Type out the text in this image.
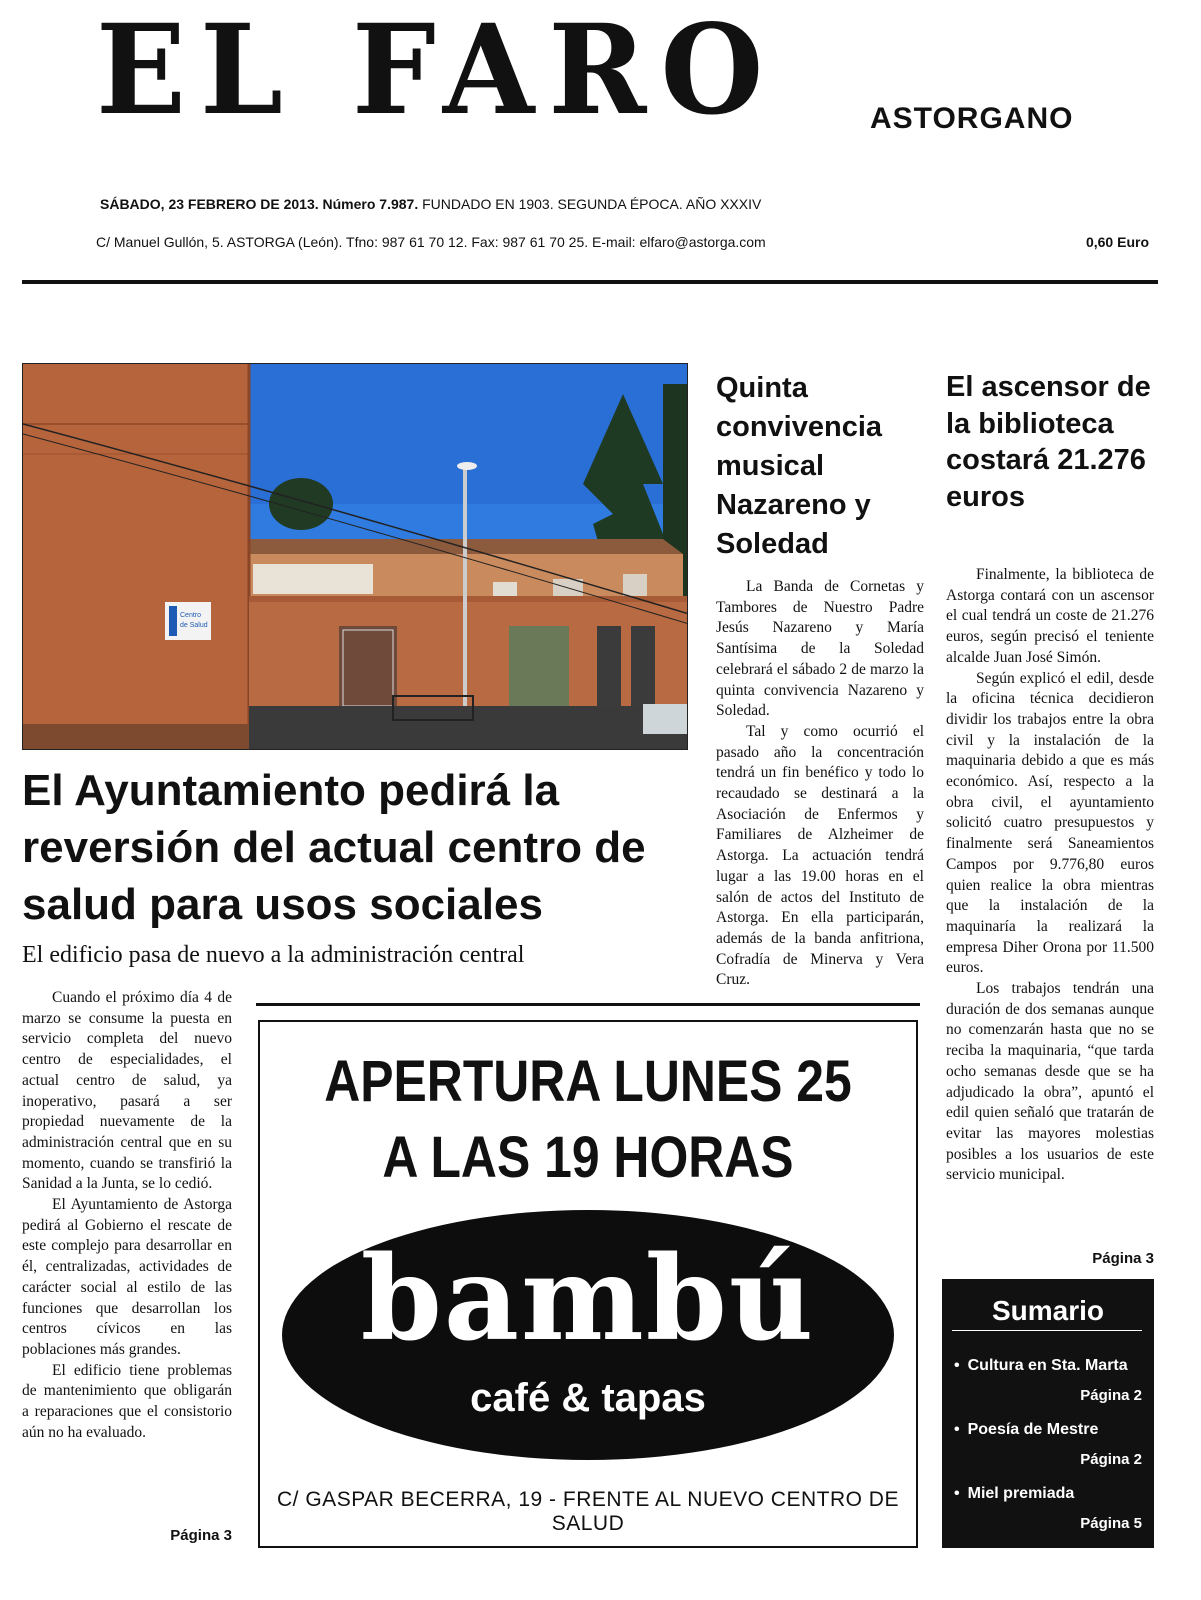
EL FARO	ASTORGANO
SÁBADO, 23 FEBRERO DE 2013. Número 7.987. FUNDADO EN 1903. SEGUNDA ÉPOCA. AÑO XXXIV
C/ Manuel Gullón, 5. ASTORGA (León). Tfno: 987 61 70 12. Fax: 987 61 70 25. E-mail: elfaro@astorga.com	0,60 Euro
Centro
de Salud
El Ayuntamiento pedirá la reversión del actual centro de salud para usos sociales
El edificio pasa de nuevo a la administración central

Cuando el próximo día 4 de marzo se consume la puesta en servicio completa del nuevo centro de especialidades, el actual centro de salud, ya inoperativo, pasará a ser propiedad nuevamente de la administración central que en su momento, cuando se transfirió la Sanidad a la Junta, se lo cedió.

El Ayuntamiento de Astorga pedirá al Gobierno el rescate de este complejo para desarrollar en él, centralizadas, actividades de carácter social al estilo de las funciones que desarrollan los centros cívicos en las poblaciones más grandes.

El edificio tiene problemas de mantenimiento que obligarán a reparaciones que el consistorio aún no ha evaluado.

Página 3
Quinta convivencia musical Nazareno y Soledad

La Banda de Cornetas y Tambores de Nuestro Padre Jesús Nazareno y María Santísima de la Soledad celebrará el sábado 2 de marzo la quinta convivencia Nazareno y Soledad.

Tal y como ocurrió el pasado año la concentración tendrá un fin benéfico y todo lo recaudado se destinará a la Asociación de Enfermos y Familiares de Alzheimer de Astorga. La actuación tendrá lugar a las 19.00 horas en el salón de actos del Instituto de Astorga. En ella participarán, además de la banda anfitriona, Cofradía de Minerva y Vera Cruz.

El ascensor de la biblioteca costará 21.276 euros

Finalmente, la biblioteca de Astorga contará con un ascensor el cual tendrá un coste de 21.276 euros, según precisó el teniente alcalde Juan José Simón.

Según explicó el edil, desde la oficina técnica decidieron dividir los trabajos entre la obra civil y la instalación de la maquinaria debido a que es más económico. Así, respecto a la obra civil, el ayuntamiento solicitó cuatro presupuestos y finalmente será Saneamientos Campos por 9.776,80 euros quien realice la obra mientras que la instalación de la maquinaría la realizará la empresa Diher Orona por 11.500 euros.

Los trabajos tendrán una duración de dos semanas aunque no comenzarán hasta que no se reciba la maquinaria, “que tarda ocho semanas desde que se ha adjudicado la obra”, apuntó el edil quien señaló que tratarán de evitar las mayores molestias posibles a los usuarios de este servicio municipal.

Página 3
APERTURA LUNES 25
A LAS 19 HORAS
bambú
café & tapas
C/ GASPAR BECERRA, 19 - FRENTE AL NUEVO CENTRO DE SALUD
Sumario
• Cultura en Sta. Marta
Página 2
• Poesía de Mestre
Página 2
• Miel premiada
Página 5
